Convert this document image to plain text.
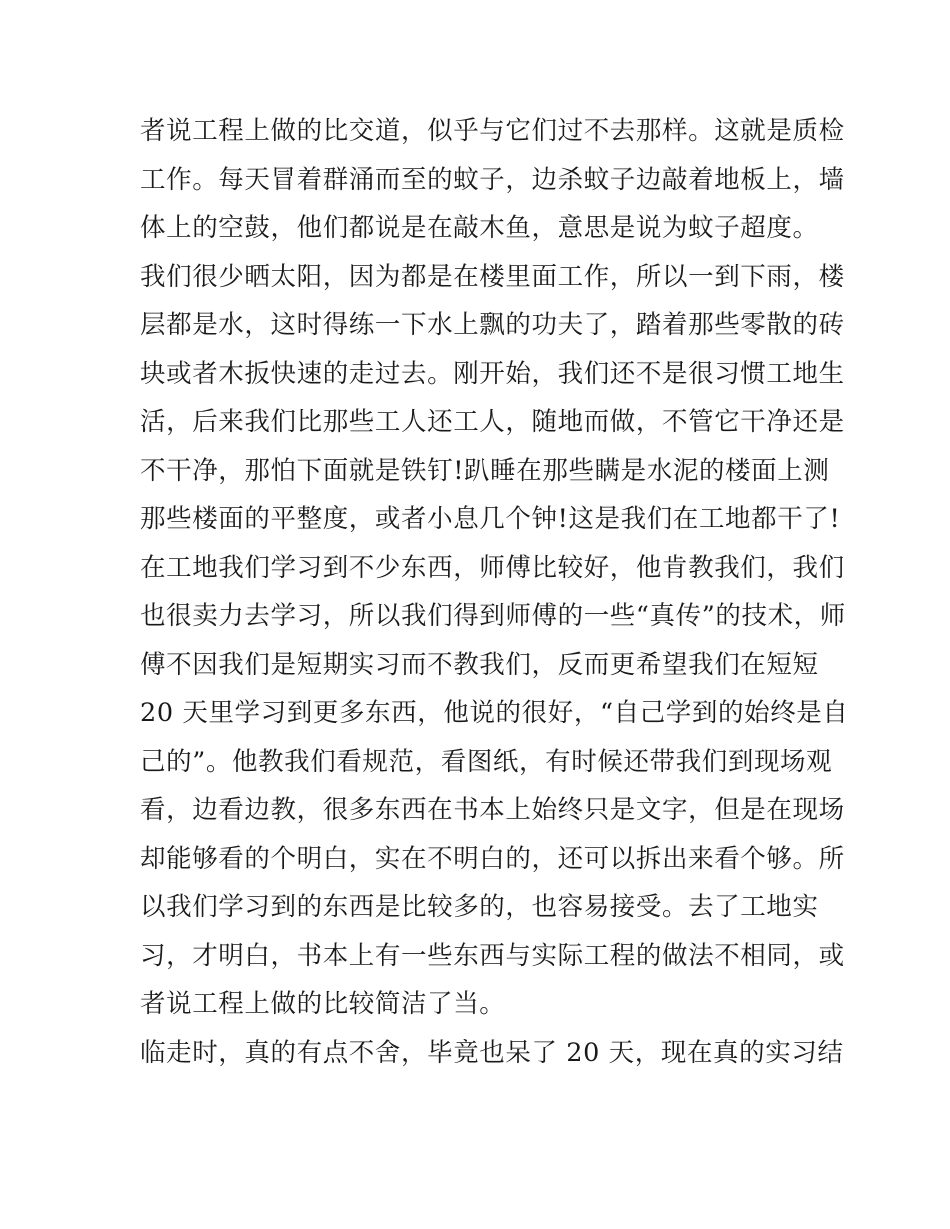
者说工程上做的比交道，似乎与它们过不去那样。这就是质检
工作。每天冒着群涌而至的蚊子，边杀蚊子边敲着地板上，墙
体上的空鼓，他们都说是在敲木鱼，意思是说为蚊子超度。
我们很少晒太阳，因为都是在楼里面工作，所以一到下雨，楼
层都是水，这时得练一下水上飘的功夫了，踏着那些零散的砖
块或者木扳快速的走过去。刚开始，我们还不是很习惯工地生
活，后来我们比那些工人还工人，随地而做，不管它干净还是
不干净，那怕下面就是铁钉!趴睡在那些瞒是水泥的楼面上测
那些楼面的平整度，或者小息几个钟!这是我们在工地都干了!
在工地我们学习到不少东西，师傅比较好，他肯教我们，我们
也很卖力去学习，所以我们得到师傅的一些“真传”的技术，师
傅不因我们是短期实习而不教我们，反而更希望我们在短短
20 天里学习到更多东西，他说的很好，“自己学到的始终是自
己的”。他教我们看规范，看图纸，有时候还带我们到现场观
看，边看边教，很多东西在书本上始终只是文字，但是在现场
却能够看的个明白，实在不明白的，还可以拆出来看个够。所
以我们学习到的东西是比较多的，也容易接受。去了工地实
习，才明白，书本上有一些东西与实际工程的做法不相同，或
者说工程上做的比较简洁了当。
临走时，真的有点不舍，毕竟也呆了 20 天，现在真的实习结
